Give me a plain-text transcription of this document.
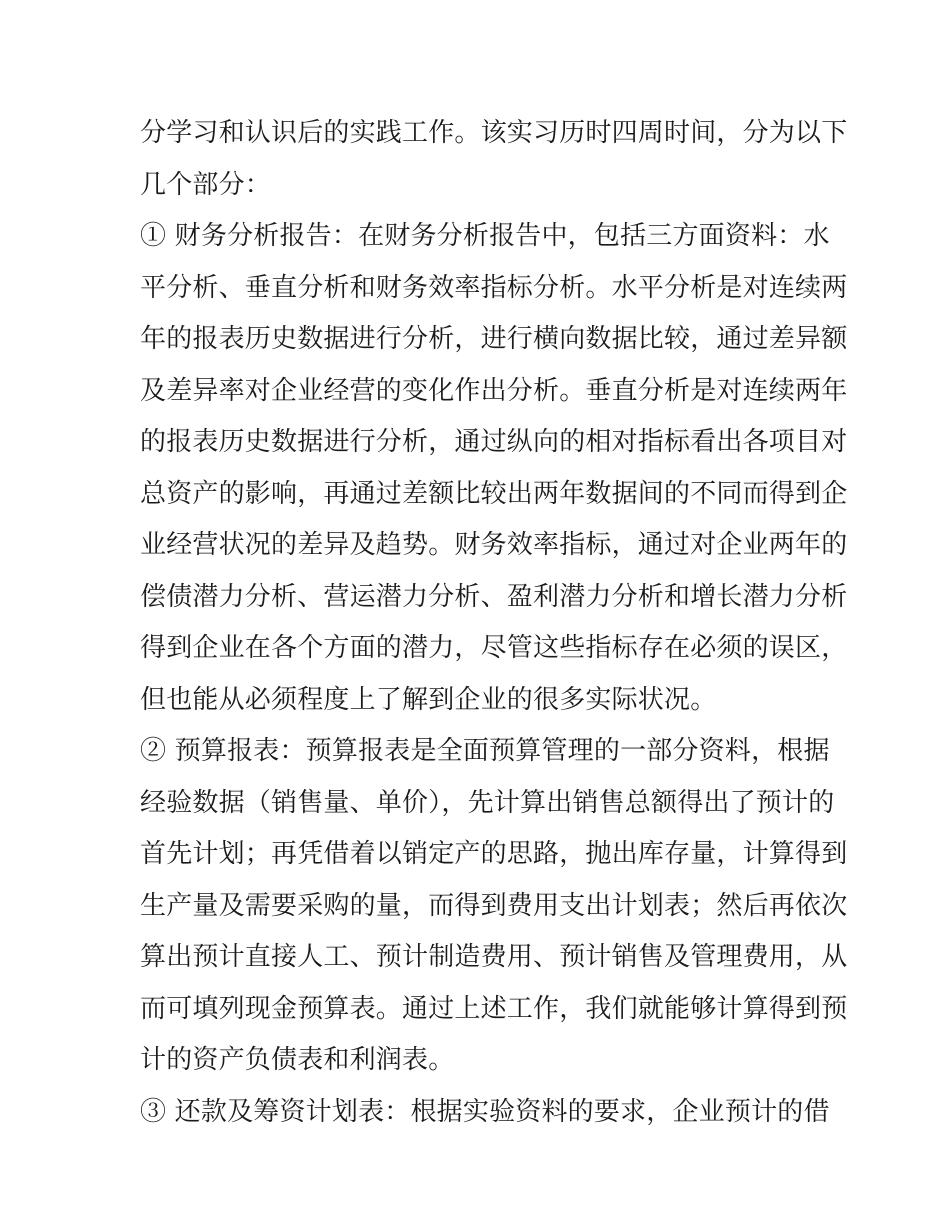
分学习和认识后的实践工作。该实习历时四周时间，分为以下
几个部分：
① 财务分析报告：在财务分析报告中，包括三方面资料：水
平分析、垂直分析和财务效率指标分析。水平分析是对连续两
年的报表历史数据进行分析，进行横向数据比较，通过差异额
及差异率对企业经营的变化作出分析。垂直分析是对连续两年
的报表历史数据进行分析，通过纵向的相对指标看出各项目对
总资产的影响，再通过差额比较出两年数据间的不同而得到企
业经营状况的差异及趋势。财务效率指标，通过对企业两年的
偿债潜力分析、营运潜力分析、盈利潜力分析和增长潜力分析
得到企业在各个方面的潜力，尽管这些指标存在必须的误区，
但也能从必须程度上了解到企业的很多实际状况。
② 预算报表：预算报表是全面预算管理的一部分资料，根据
经验数据（销售量、单价），先计算出销售总额得出了预计的
首先计划；再凭借着以销定产的思路，抛出库存量，计算得到
生产量及需要采购的量，而得到费用支出计划表；然后再依次
算出预计直接人工、预计制造费用、预计销售及管理费用，从
而可填列现金预算表。通过上述工作，我们就能够计算得到预
计的资产负债表和利润表。
③ 还款及筹资计划表：根据实验资料的要求，企业预计的借
